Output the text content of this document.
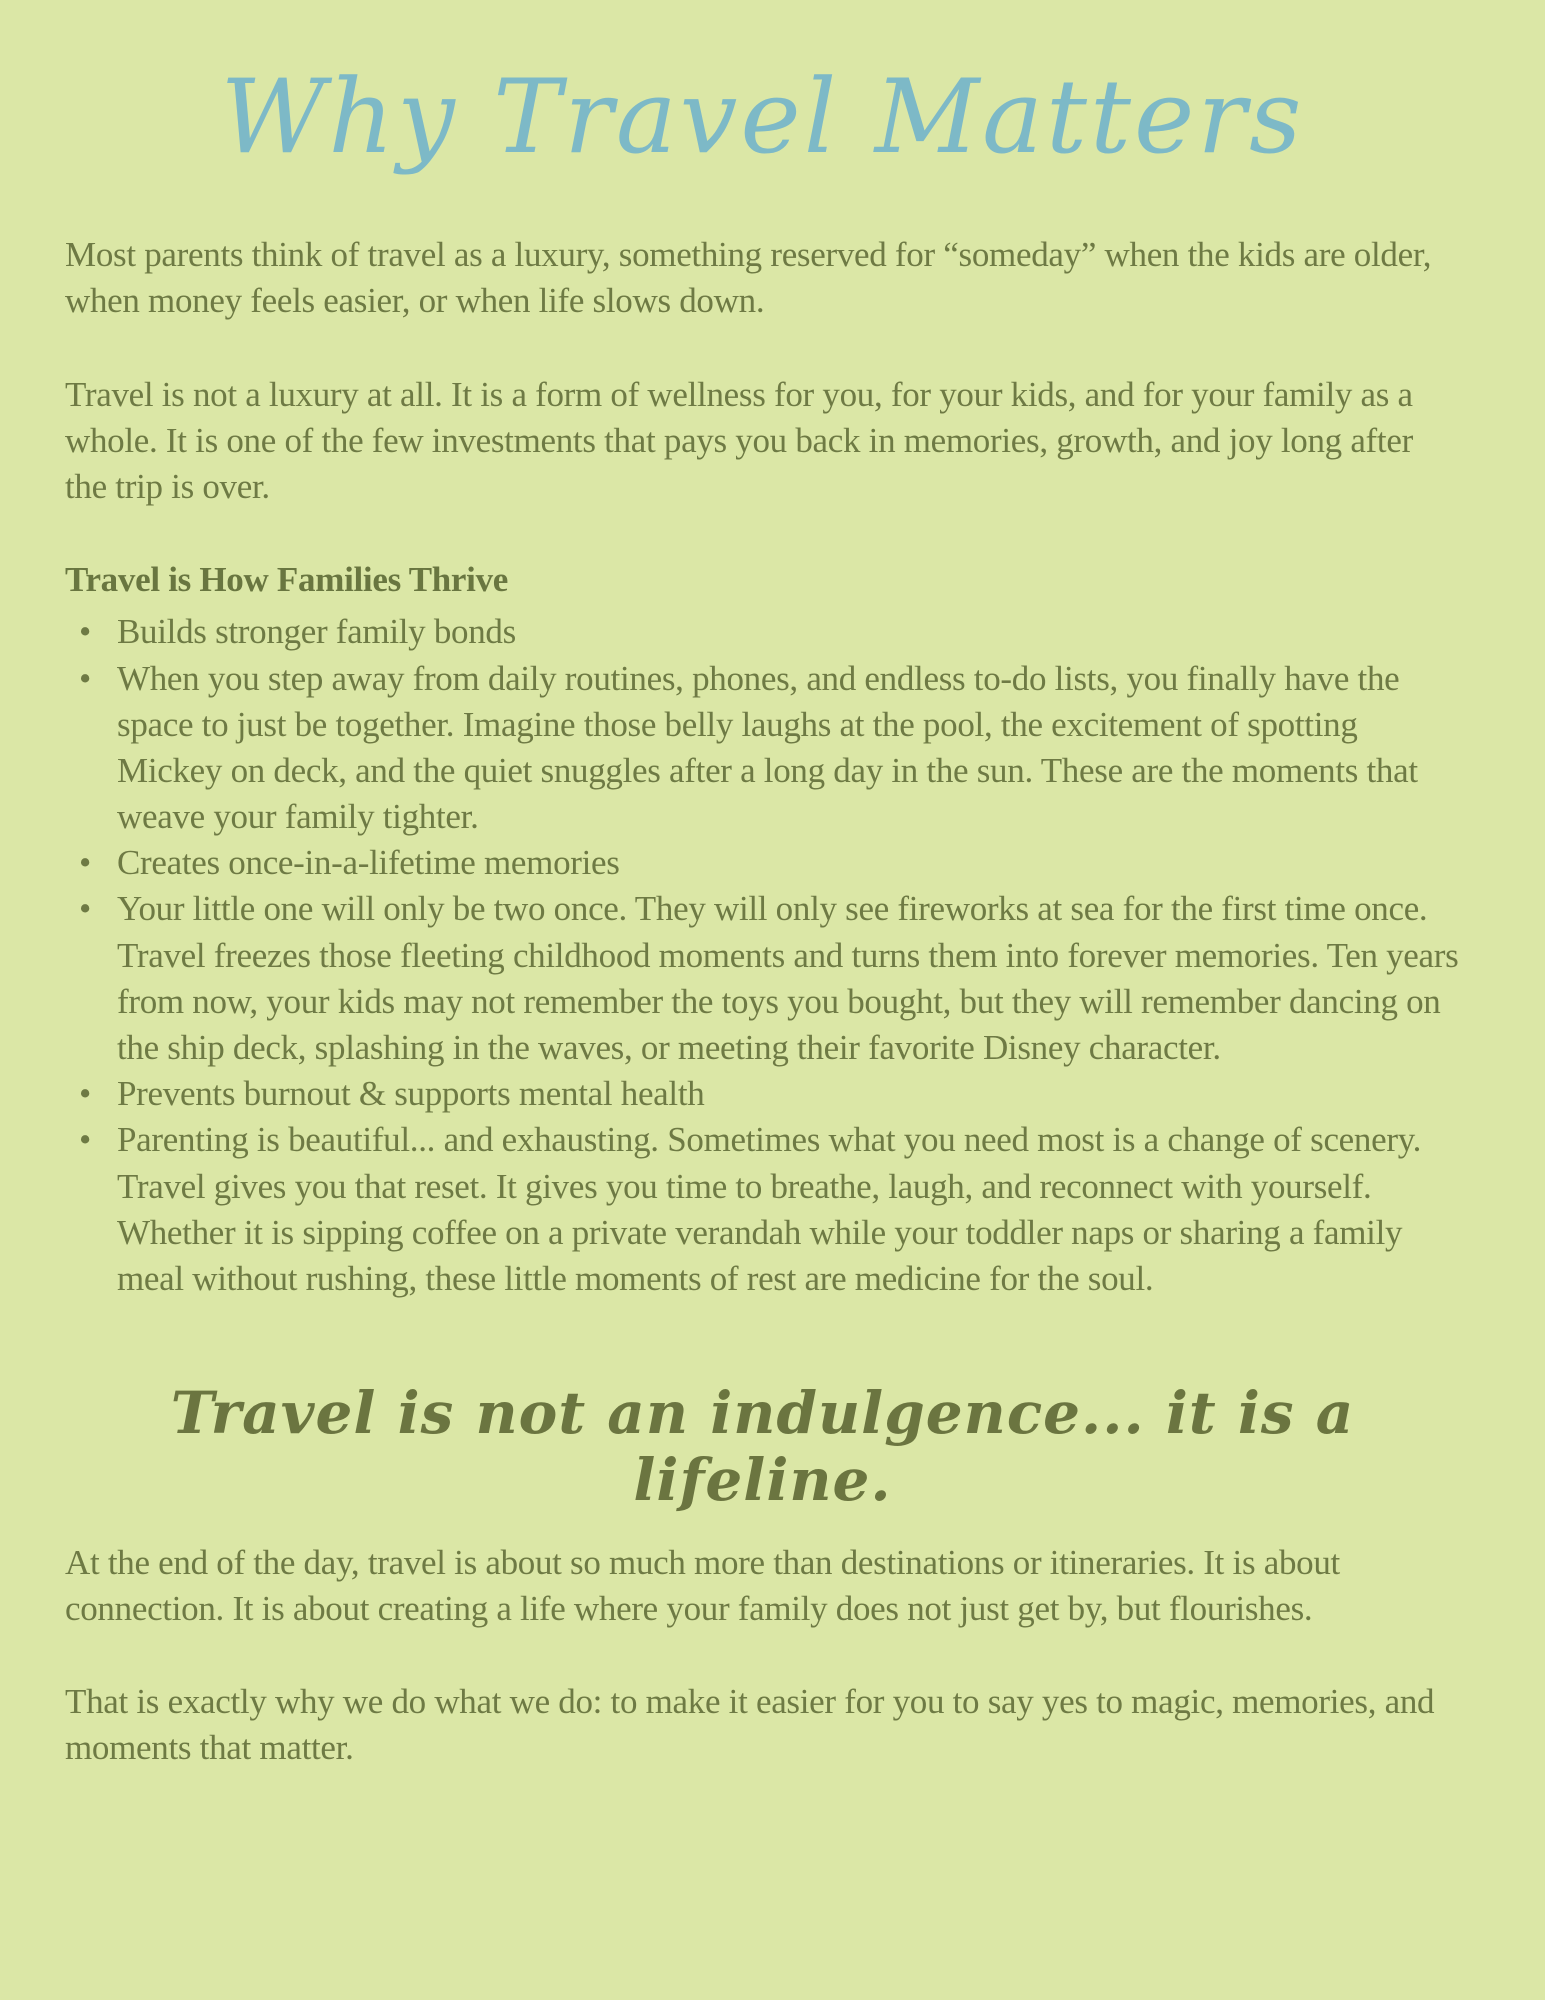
Why Travel Matters

Most parents think of travel as a luxury, something reserved for “someday” when the kids are older, when money feels easier, or when life slows down.

Travel is not a luxury at all. It is a form of wellness for you, for your kids, and for your family as a whole. It is one of the few investments that pays you back in memories, growth, and joy long after the trip is over.

Travel is How Families Thrive
• Builds stronger family bonds
• When you step away from daily routines, phones, and endless to-do lists, you finally have the space to just be together. Imagine those belly laughs at the pool, the excitement of spotting Mickey on deck, and the quiet snuggles after a long day in the sun. These are the moments that weave your family tighter.
• Creates once-in-a-lifetime memories
• Your little one will only be two once. They will only see fireworks at sea for the first time once. Travel freezes those fleeting childhood moments and turns them into forever memories. Ten years from now, your kids may not remember the toys you bought, but they will remember dancing on the ship deck, splashing in the waves, or meeting their favorite Disney character.
• Prevents burnout & supports mental health
• Parenting is beautiful... and exhausting. Sometimes what you need most is a change of scenery. Travel gives you that reset. It gives you time to breathe, laugh, and reconnect with yourself. Whether it is sipping coffee on a private verandah while your toddler naps or sharing a family meal without rushing, these little moments of rest are medicine for the soul.
Travel is not an indulgence... it is a lifeline.

At the end of the day, travel is about so much more than destinations or itineraries. It is about connection. It is about creating a life where your family does not just get by, but flourishes.

That is exactly why we do what we do: to make it easier for you to say yes to magic, memories, and moments that matter.
